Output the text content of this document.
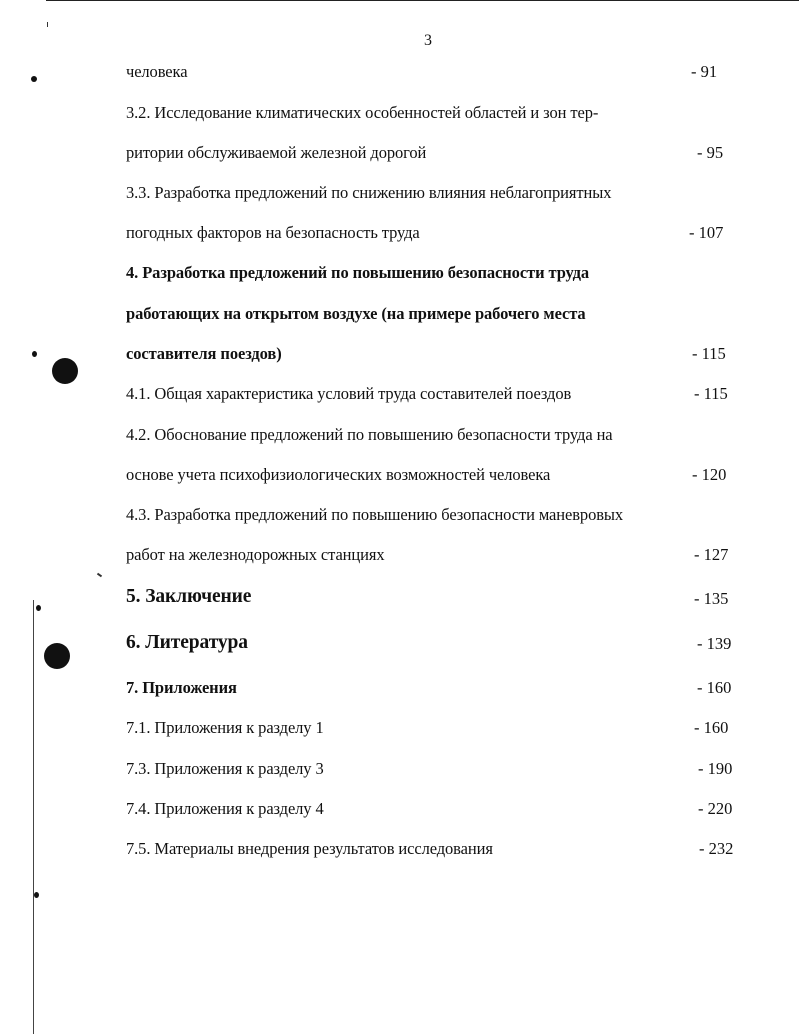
3
человека	- 91
3.2. Исследование климатических особенностей областей и зон тер-
ритории обслуживаемой железной дорогой	- 95
3.3. Разработка предложений по снижению влияния неблагоприятных
погодных факторов на безопасность труда	- 107
4. Разработка предложений по повышению безопасности труда
работающих на открытом воздухе (на примере рабочего места
составителя поездов)	- 115
4.1. Общая характеристика условий труда составителей поездов	- 115
4.2. Обоснование предложений по повышению безопасности труда на
основе учета психофизиологических возможностей человека	- 120
4.3. Разработка предложений по повышению безопасности маневровых
работ на железнодорожных станциях	- 127
5. Заключение	- 135
6. Литература	- 139
7. Приложения	- 160
7.1. Приложения к разделу 1	- 160
7.3. Приложения к разделу 3	- 190
7.4. Приложения к разделу 4	- 220
7.5. Материалы внедрения результатов исследования	- 232
